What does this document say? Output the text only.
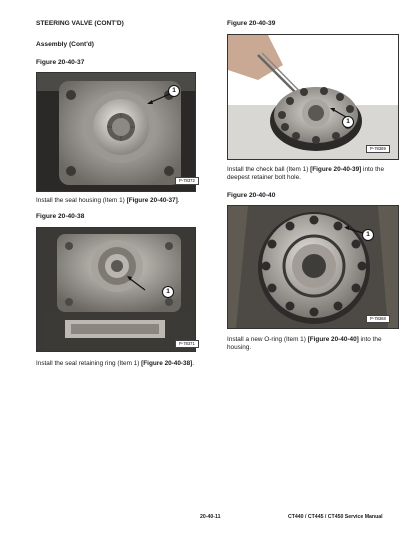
STEERING VALVE (CONT'D)
Assembly (Cont'd)
Figure 20-40-37
1
P-78372
Install the seal housing (Item 1) [Figure 20-40-37].
Figure 20-40-38
1
P-78371
Install the seal retaining ring (Item 1) [Figure 20-40-38].
Figure 20-40-39
1
P-78369
Install the check ball (Item 1) [Figure 20-40-39] into the
deepest retainer bolt hole.
Figure 20-40-40
1
P-78368
Install a new O-ring (Item 1) [Figure 20-40-40] into the
housing.
20-40-11	CT440 / CT445 / CT450 Service Manual
